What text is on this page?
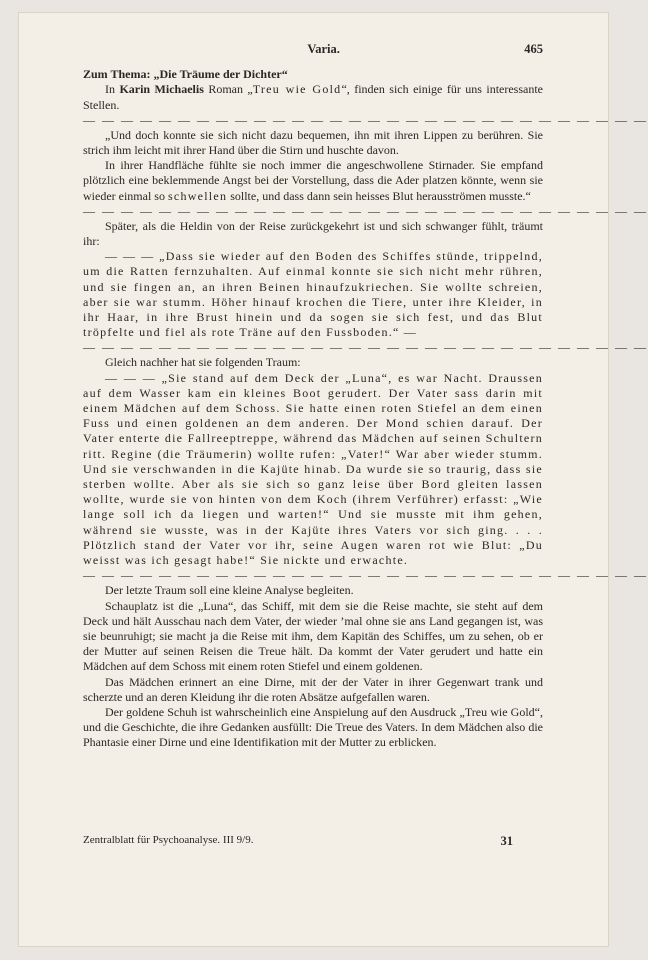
Varia.	465

Zum Thema: „Die Träume der Dichter“

In Karin Michaelis Roman „Treu wie Gold“, finden sich einige für uns interessante Stellen.

— — — — — — — — — — — — — — — — — — — — — — — — — — — — — —

„Und doch konnte sie sich nicht dazu bequemen, ihn mit ihren Lippen zu berühren. Sie strich ihm leicht mit ihrer Hand über die Stirn und huschte davon.

In ihrer Handfläche fühlte sie noch immer die angeschwollene Stirnader. Sie empfand plötzlich eine beklemmende Angst bei der Vorstellung, dass die Ader platzen könnte, wenn sie wieder einmal so schwellen sollte, und dass dann sein heisses Blut herausströmen musste.“

— — — — — — — — — — — — — — — — — — — — — — — — — — — — — —

Später, als die Heldin von der Reise zurückgekehrt ist und sich schwanger fühlt, träumt ihr:

— — — „Dass sie wieder auf den Boden des Schiffes stünde, trippelnd, um die Ratten fernzuhalten. Auf einmal konnte sie sich nicht mehr rühren, und sie fingen an, an ihren Beinen hinaufzukriechen. Sie wollte schreien, aber sie war stumm. Höher hinauf krochen die Tiere, unter ihre Kleider, in ihr Haar, in ihre Brust hinein und da sogen sie sich fest, und das Blut tröpfelte und fiel als rote Träne auf den Fussboden.“ —

— — — — — — — — — — — — — — — — — — — — — — — — — — — — — —

Gleich nachher hat sie folgenden Traum:

— — — „Sie stand auf dem Deck der „Luna“, es war Nacht. Draussen auf dem Wasser kam ein kleines Boot gerudert. Der Vater sass darin mit einem Mädchen auf dem Schoss. Sie hatte einen roten Stiefel an dem einen Fuss und einen goldenen an dem anderen. Der Mond schien darauf. Der Vater enterte die Fallreeptreppe, während das Mädchen auf seinen Schultern ritt. Regine (die Träumerin) wollte rufen: „Vater!“ War aber wieder stumm. Und sie verschwanden in die Kajüte hinab. Da wurde sie so traurig, dass sie sterben wollte. Aber als sie sich so ganz leise über Bord gleiten lassen wollte, wurde sie von hinten von dem Koch (ihrem Verführer) erfasst: „Wie lange soll ich da liegen und warten!“ Und sie musste mit ihm gehen, während sie wusste, was in der Kajüte ihres Vaters vor sich ging. . . . Plötzlich stand der Vater vor ihr, seine Augen waren rot wie Blut: „Du weisst was ich gesagt habe!“ Sie nickte und erwachte.

— — — — — — — — — — — — — — — — — — — — — — — — — — — — — —

Der letzte Traum soll eine kleine Analyse begleiten.

Schauplatz ist die „Luna“, das Schiff, mit dem sie die Reise machte, sie steht auf dem Deck und hält Ausschau nach dem Vater, der wieder ’mal ohne sie ans Land gegangen ist, was sie beunruhigt; sie macht ja die Reise mit ihm, dem Kapitän des Schiffes, um zu sehen, ob er der Mutter auf seinen Reisen die Treue hält. Da kommt der Vater gerudert und hatte ein Mädchen auf dem Schoss mit einem roten Stiefel und einem goldenen.

Das Mädchen erinnert an eine Dirne, mit der der Vater in ihrer Gegenwart trank und scherzte und an deren Kleidung ihr die roten Absätze aufgefallen waren.

Der goldene Schuh ist wahrscheinlich eine Anspielung auf den Ausdruck „Treu wie Gold“, und die Geschichte, die ihre Gedanken ausfüllt: Die Treue des Vaters. In dem Mädchen also die Phantasie einer Dirne und eine Identifikation mit der Mutter zu erblicken.

Zentralblatt für Psychoanalyse. III 9/9.	31
